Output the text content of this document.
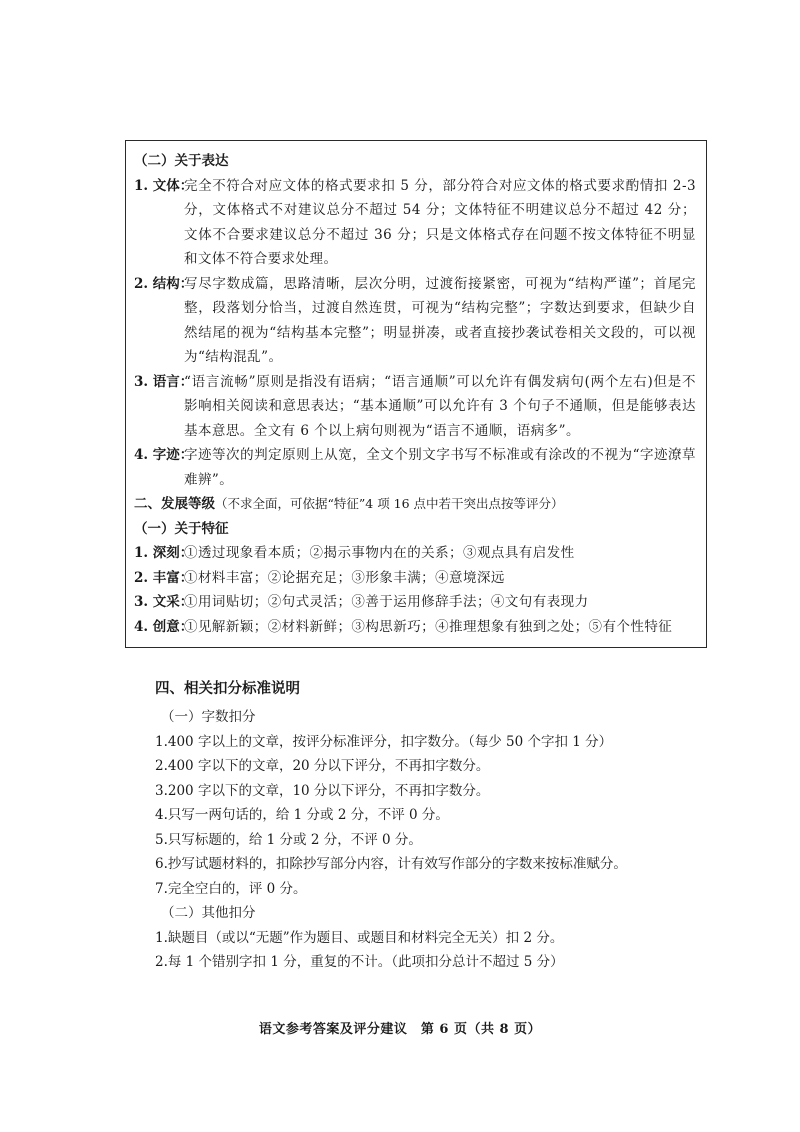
（二）关于表达
1. 文体：
完全不符合对应文体的格式要求扣 5 分，部分符合对应文体的格式要求酌情扣 2-3 分，文体格式不对建议总分不超过 54 分；文体特征不明建议总分不超过 42 分；文体不合要求建议总分不超过 36 分；只是文体格式存在问题不按文体特征不明显和文体不符合要求处理。
2. 结构：
写尽字数成篇，思路清晰，层次分明，过渡衔接紧密，可视为“结构严谨”；首尾完整，段落划分恰当，过渡自然连贯，可视为“结构完整”；字数达到要求，但缺少自然结尾的视为“结构基本完整”；明显拼凑，或者直接抄袭试卷相关文段的，可以视为“结构混乱”。
3. 语言：
“语言流畅”原则是指没有语病；“语言通顺”可以允许有偶发病句(两个左右)但是不影响相关阅读和意思表达；“基本通顺”可以允许有 3 个句子不通顺，但是能够表达基本意思。全文有 6 个以上病句则视为“语言不通顺，语病多”。
4. 字迹：
字迹等次的判定原则上从宽，全文个别文字书写不标准或有涂改的不视为“字迹潦草难辨”。
二、发展等级（不求全面，可依据“特征”4 项 16 点中若干突出点按等评分）
（一）关于特征
1. 深刻：
①透过现象看本质；②揭示事物内在的关系；③观点具有启发性
2. 丰富：
①材料丰富；②论据充足；③形象丰满；④意境深远
3. 文采：
①用词贴切；②句式灵活；③善于运用修辞手法；④文句有表现力
4. 创意：
①见解新颖；②材料新鲜；③构思新巧；④推理想象有独到之处；⑤有个性特征
四、相关扣分标准说明
（一）字数扣分
1.400 字以上的文章，按评分标准评分，扣字数分。（每少 50 个字扣 1 分）
2.400 字以下的文章，20 分以下评分，不再扣字数分。
3.200 字以下的文章，10 分以下评分，不再扣字数分。
4.只写一两句话的，给 1 分或 2 分，不评 0 分。
5.只写标题的，给 1 分或 2 分，不评 0 分。
6.抄写试题材料的，扣除抄写部分内容，计有效写作部分的字数来按标准赋分。
7.完全空白的，评 0 分。
（二）其他扣分
1.缺题目（或以“无题”作为题目、或题目和材料完全无关）扣 2 分。
2.每 1 个错别字扣 1 分，重复的不计。（此项扣分总计不超过 5 分）
语文参考答案及评分建议　第 6 页（共 8 页）
